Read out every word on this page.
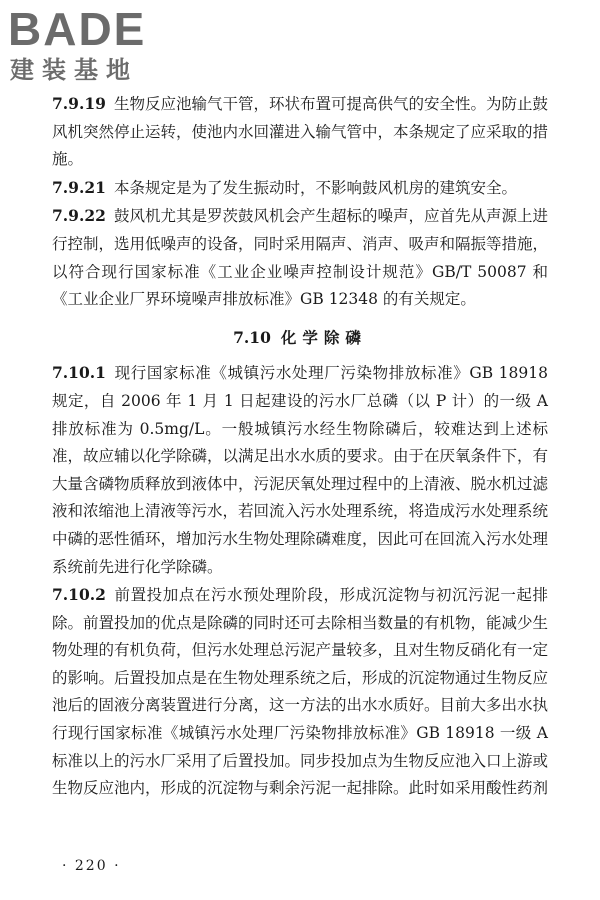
BADE
建装基地

7.9.19 生物反应池输气干管，环状布置可提高供气的安全性。为防止鼓风机突然停止运转，使池内水回灌进入输气管中，本条规定了应采取的措施。

7.9.21 本条规定是为了发生振动时，不影响鼓风机房的建筑安全。

7.9.22 鼓风机尤其是罗茨鼓风机会产生超标的噪声，应首先从声源上进行控制，选用低噪声的设备，同时采用隔声、消声、吸声和隔振等措施，以符合现行国家标准《工业企业噪声控制设计规范》GB/T 50087 和《工业企业厂界环境噪声排放标准》GB 12348 的有关规定。

7.10 化学除磷

7.10.1 现行国家标准《城镇污水处理厂污染物排放标准》GB 18918 规定，自 2006 年 1 月 1 日起建设的污水厂总磷（以 P 计）的一级 A 排放标准为 0.5mg/L。一般城镇污水经生物除磷后，较难达到上述标准，故应辅以化学除磷，以满足出水水质的要求。由于在厌氧条件下，有大量含磷物质释放到液体中，污泥厌氧处理过程中的上清液、脱水机过滤液和浓缩池上清液等污水，若回流入污水处理系统，将造成污水处理系统中磷的恶性循环，增加污水生物处理除磷难度，因此可在回流入污水处理系统前先进行化学除磷。

7.10.2 前置投加点在污水预处理阶段，形成沉淀物与初沉污泥一起排除。前置投加的优点是除磷的同时还可去除相当数量的有机物，能减少生物处理的有机负荷，但污水处理总污泥产量较多，且对生物反硝化有一定的影响。后置投加点是在生物处理系统之后，形成的沉淀物通过生物反应池后的固液分离装置进行分离，这一方法的出水水质好。目前大多出水执行现行国家标准《城镇污水处理厂污染物排放标准》GB 18918 一级 A 标准以上的污水厂采用了后置投加。同步投加点为生物反应池入口上游或生物反应池内，形成的沉淀物与剩余污泥一起排除。此时如采用酸性药剂

· 220 ·
